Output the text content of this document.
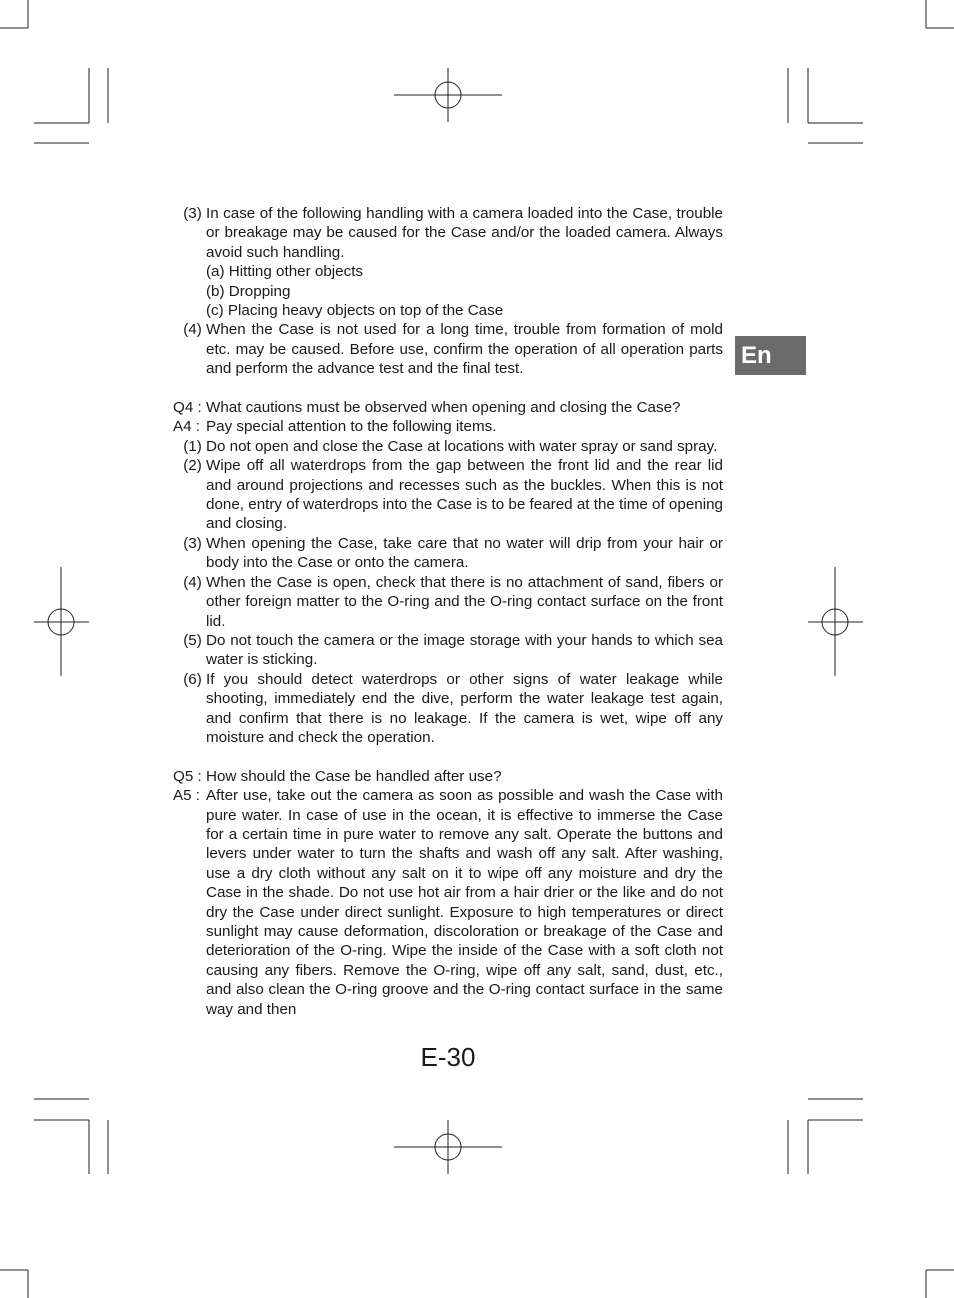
En
(3) In case of the following handling with a camera loaded into the Case, trouble or breakage may be caused for the Case and/or the loaded camera. Always avoid such handling.
(a) Hitting other objects
(b) Dropping
(c) Placing heavy objects on top of the Case
(4) When the Case is not used for a long time, trouble from formation of mold etc. may be caused. Before use, confirm the operation of all operation parts and perform the advance test and the final test.
Q4 : What cautions must be observed when opening and closing the Case?
A4 : Pay special attention to the following items.
(1) Do not open and close the Case at locations with water spray or sand spray.
(2) Wipe off all waterdrops from the gap between the front lid and the rear lid and around projections and recesses such as the buckles. When this is not done, entry of waterdrops into the Case is to be feared at the time of opening and closing.
(3) When opening the Case, take care that no water will drip from your hair or body into the Case or onto the camera.
(4) When the Case is open, check that there is no attachment of sand, fibers or other foreign matter to the O-ring and the O-ring contact surface on the front lid.
(5) Do not touch the camera or the image storage with your hands to which sea water is sticking.
(6) If you should detect waterdrops or other signs of water leakage while shooting, immediately end the dive, perform the water leakage test again, and confirm that there is no leakage. If the camera is wet, wipe off any moisture and check the operation.
Q5 : How should the Case be handled after use?
A5 : After use, take out the camera as soon as possible and wash the Case with pure water. In case of use in the ocean, it is effective to immerse the Case for a certain time in pure water to remove any salt. Operate the buttons and levers under water to turn the shafts and wash off any salt. After washing, use a dry cloth without any salt on it to wipe off any moisture and dry the Case in the shade. Do not use hot air from a hair drier or the like and do not dry the Case under direct sunlight. Exposure to high temperatures or direct sunlight may cause deformation, discoloration or breakage of the Case and deterioration of the O-ring. Wipe the inside of the Case with a soft cloth not causing any fibers. Remove the O-ring, wipe off any salt, sand, dust, etc., and also clean the O-ring groove and the O-ring contact surface in the same way and then
E-30
